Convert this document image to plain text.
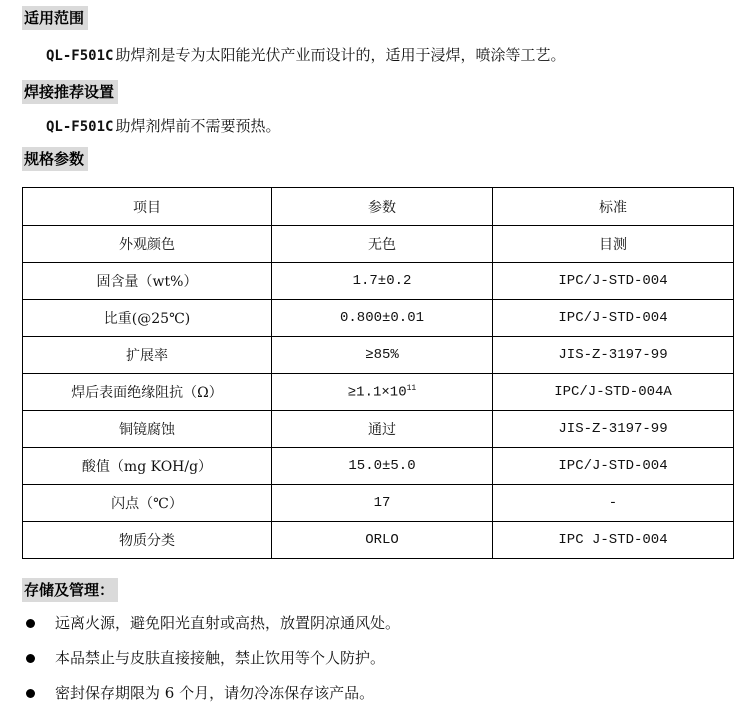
适用范围
QL-F501C 助焊剂是专为太阳能光伏产业而设计的，适用于浸焊，喷涂等工艺。
焊接推荐设置
QL-F501C 助焊剂焊前不需要预热。
规格参数
项目	参数	标准
外观颜色	无色	目测
固含量（wt%）	1.7±0.2	IPC/J-STD-004
比重(@25℃)	0.800±0.01	IPC/J-STD-004
扩展率	≥85%	JIS-Z-3197-99
焊后表面绝缘阻抗（Ω）	$\ge 1.1\times 10^{11}$	IPC/J-STD-004A
铜镜腐蚀	通过	JIS-Z-3197-99
酸值（mg KOH/g）	15.0±5.0	IPC/J-STD-004
闪点（℃）	17	-
物质分类	ORLO	IPC J-STD-004
存储及管理：
远离火源，避免阳光直射或高热，放置阴凉通风处。
本品禁止与皮肤直接接触，禁止饮用等个人防护。
密封保存期限为 6 个月，请勿冷冻保存该产品。
